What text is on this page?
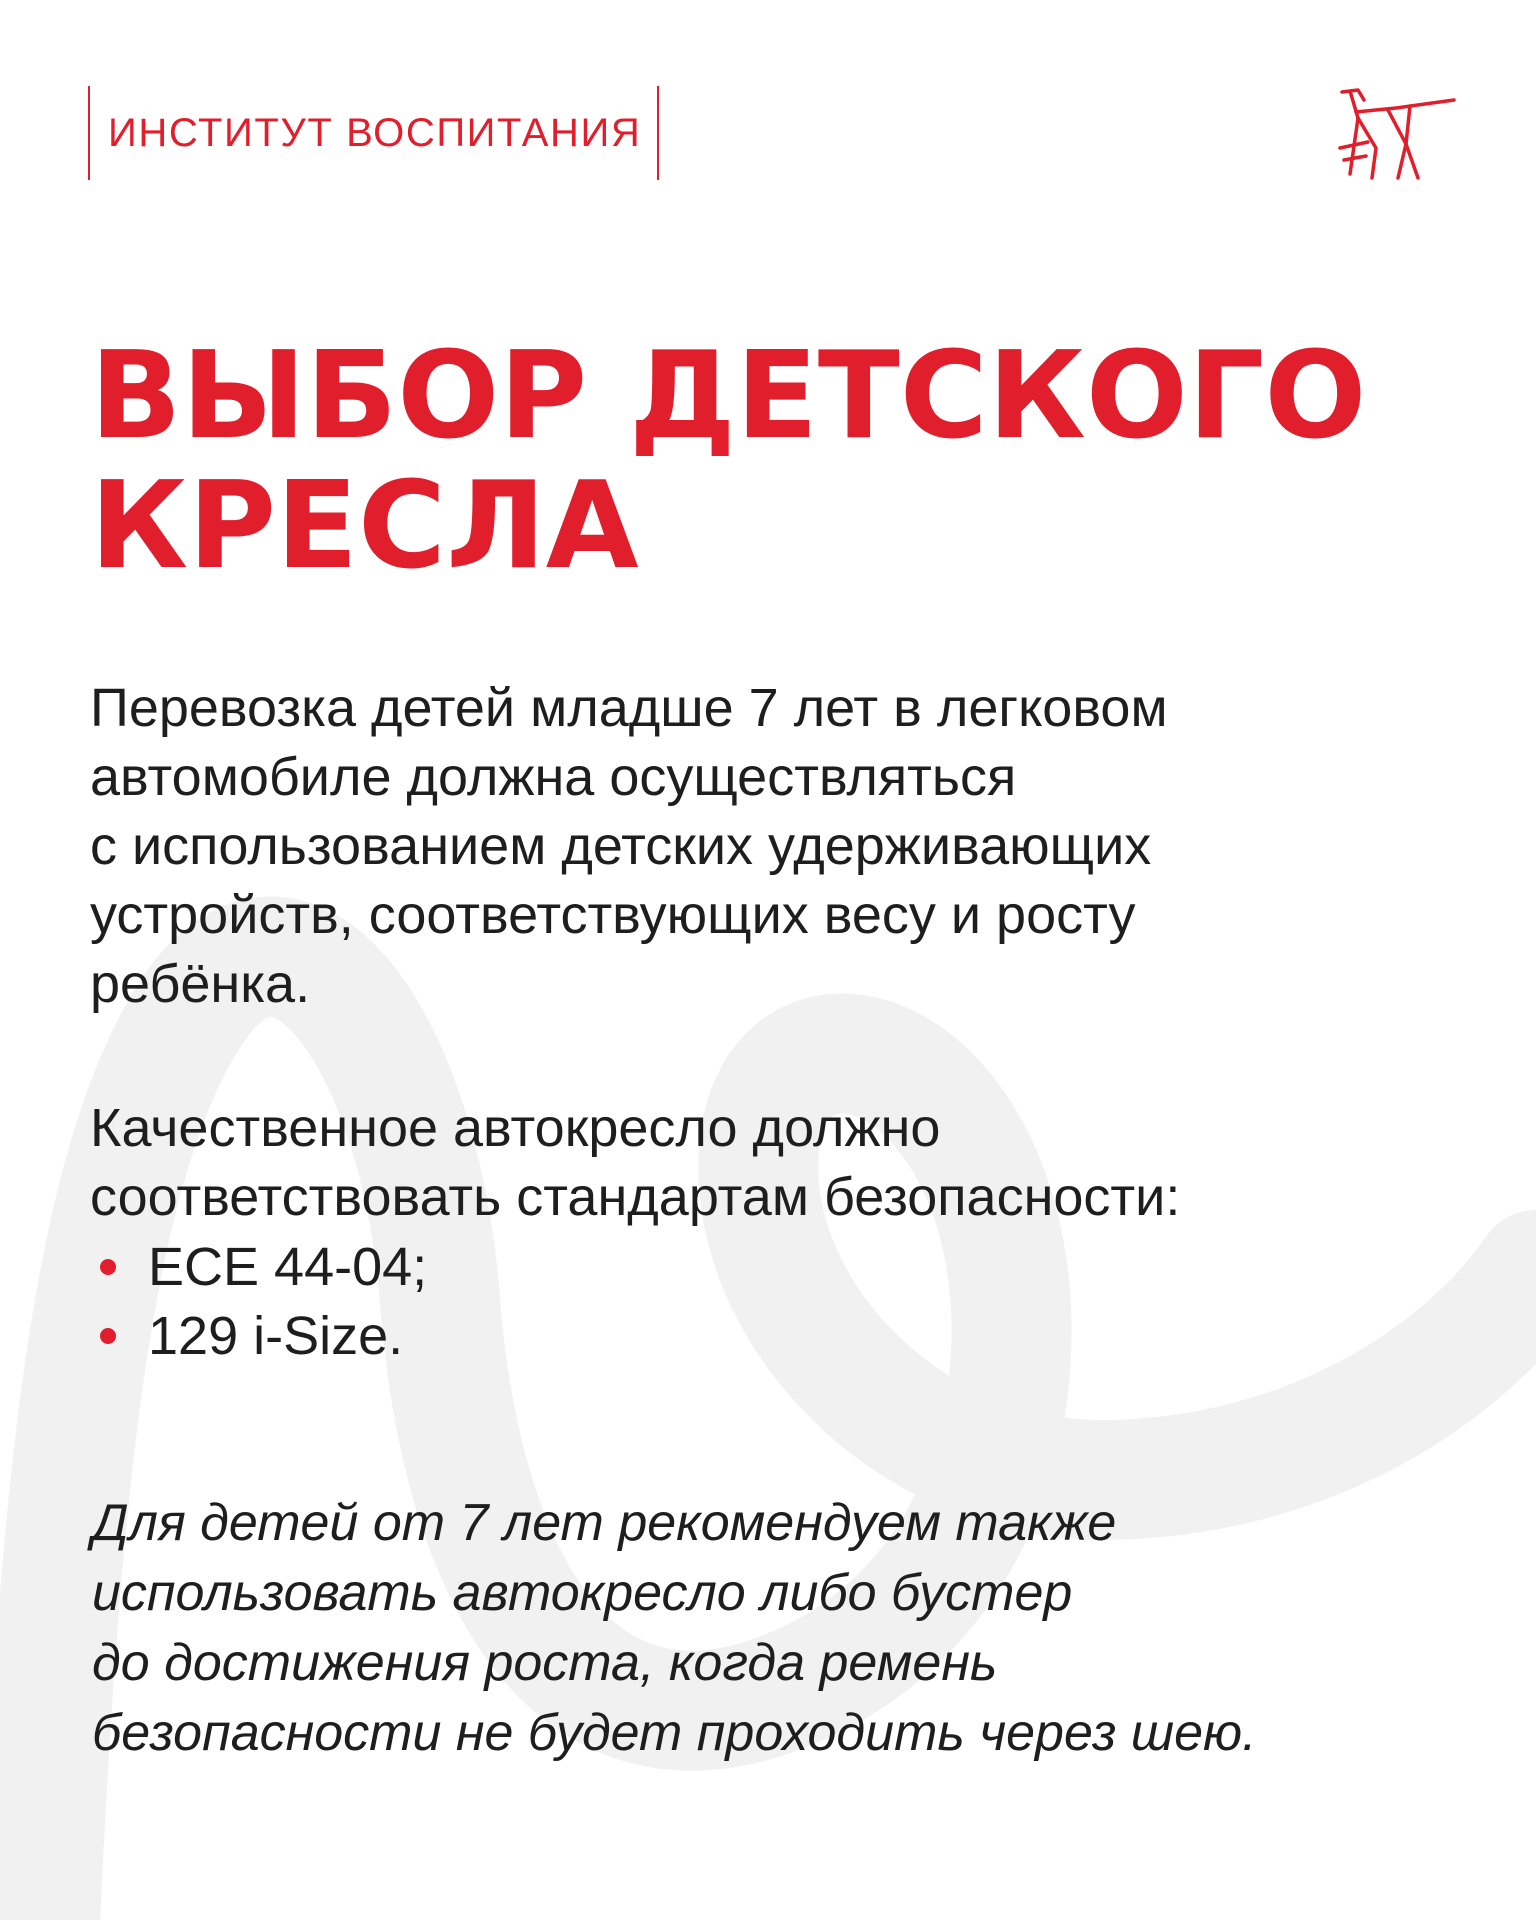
ИНСТИТУТ ВОСПИТАНИЯ
ВЫБОР ДЕТСКОГО
КРЕСЛА

Перевозка детей младше 7 лет в легковом
автомобиле должна осуществляться
с использованием детских удерживающих
устройств, соответствующих весу и росту
ребёнка.

Качественное автокресло должно
соответствовать стандартам безопасности:

ECE 44-04;
129 i-Size.

Для детей от 7 лет рекомендуем также
использовать автокресло либо бустер
до достижения роста, когда ремень
безопасности не будет проходить через шею.
